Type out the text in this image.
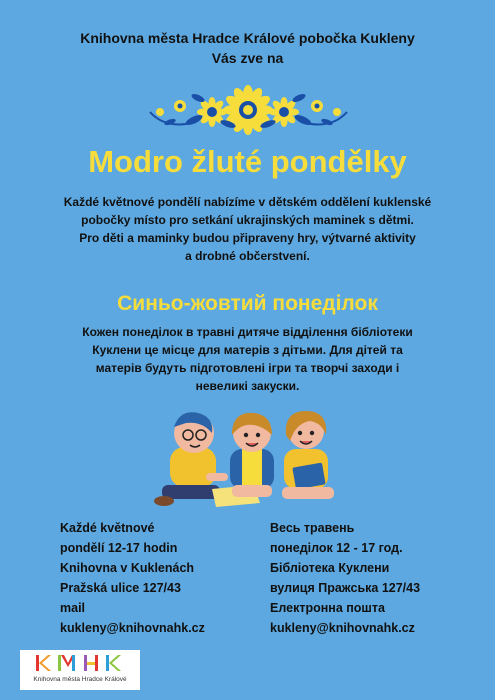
Knihovna města Hradce Králové pobočka Kukleny
Vás zve na
Modro žluté pondělky
Každé květnové pondělí nabízíme v dětském oddělení kuklenské
pobočky místo pro setkání ukrajinských maminek s dětmi.
Pro děti a maminky budou připraveny hry, výtvarné aktivity
a drobné občerstvení.
Синьо-жовтий понеділок
Кожен понеділок в травні дитяче відділення бібліотеки
Куклени це місце для матерів з дітьми. Для дітей та
матерів будуть підготовлені ігри та творчі заходи і
невеликі закуски.
Každé květnové
pondělí 12-17 hodin
Knihovna v Kuklenách
Pražská ulice 127/43
mail
kukleny@knihovnahk.cz
Весь травень
понеділок 12 - 17 год.
Бібліотека Куклени
вулиця Пражська 127/43
Електронна пошта
kukleny@knihovnahk.cz
Knihovna města Hradce Králové
